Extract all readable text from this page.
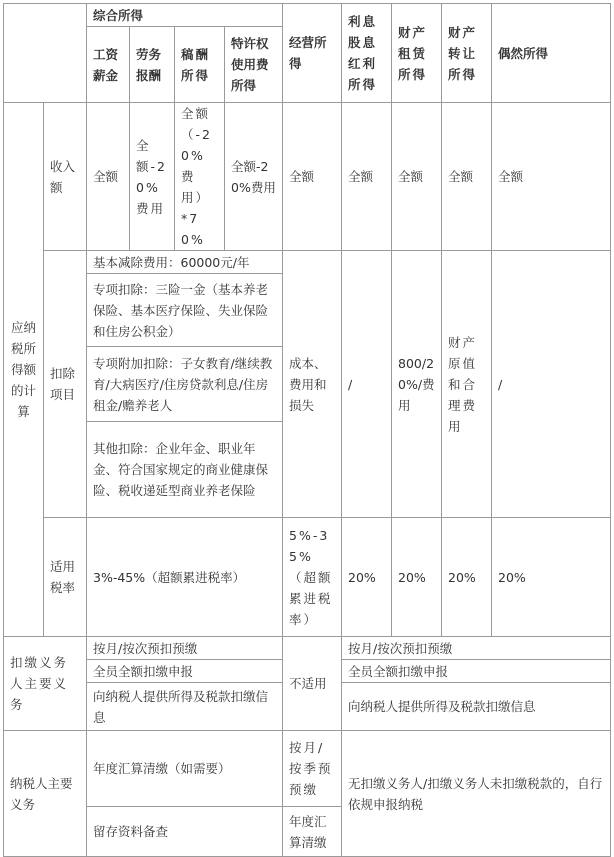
		综合所得				经营所得	利息股息红利所得	财产租赁所得	财产转让所得	偶然所得
		工资薪金	劳务报酬	稿酬所得	特许权使用费所得					
应纳税所得额的计算	收入额	全额	全额-20%费用	全额（-20%费用）*70%	全额-20%费用	全额	全额	全额	全额	全额
	扣除项目	基本减除费用：60000元/年				成本、费用和损失	/	800/20%/费用	财产原值和合理费用	/
		专项扣除：三险一金（基本养老保险、基本医疗保险、失业保险和住房公积金）								
		专项附加扣除：子女教育/继续教育/大病医疗/住房贷款利息/住房租金/赡养老人								
		其他扣除：企业年金、职业年金、符合国家规定的商业健康保险、税收递延型商业养老保险								
	适用税率	3%-45%（超额累进税率）				5%-35%（超额累进税率）	20%	20%	20%	20%

扣缴义务人主要义务		按月/按次预扣预缴				不适用	按月/按次预扣预缴			
		全员全额扣缴申报					全员全额扣缴申报			
		向纳税人提供所得及税款扣缴信息					向纳税人提供所得及税款扣缴信息			
纳税人主要义务		年度汇算清缴（如需要）				按月/按季预预缴	无扣缴义务人/扣缴义务人未扣缴税款的，自行依规申报纳税			
		留存资料备查				年度汇算清缴				
